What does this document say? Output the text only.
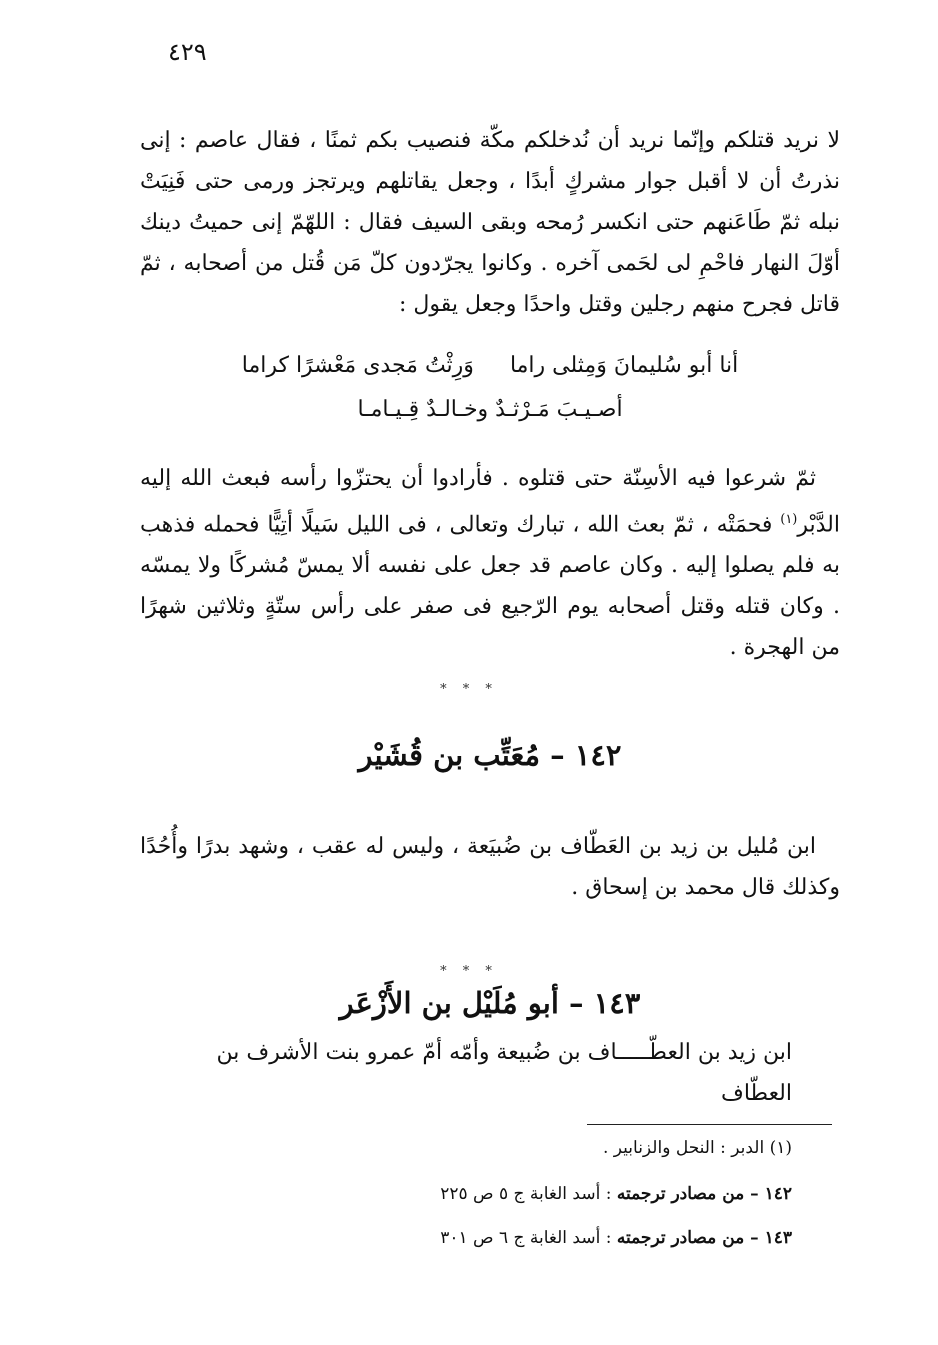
٤٢٩

لا نريد قتلكم وإنّما نريد أن نُدخلكم مكّة فنصيب بكم ثمنًا ، فقال عاصم : إنى نذرتُ أن لا أقبل جوار مشركٍ أبدًا ، وجعل يقاتلهم ويرتجز ورمى حتى فَنِيَتْ نبله ثمّ طَاعَنهم حتى انكسر رُمحه وبقى السيف فقال : اللهّمّ إنى حميتُ دينك أوّلَ النهار فاحْمِ لى لحَمى آخره . وكانوا يجرّدون كلّ مَن قُتل من أصحابه ، ثمّ قاتل فجرح منهم رجلين وقتل واحدًا وجعل يقول :

أنا أبو سُليمانَ وَمِثلى راما
وَرِثْتُ مَجدى مَعْشرًا كراما
أصـيـبَ مَـرْثـدٌ وخـالـدٌ قِـيـامـا

ثمّ شرعوا فيه الأسِنّة حتى قتلوه . فأرادوا أن يحتزّوا رأسه فبعث الله إليه الدَّبْر$^{(١)}$ فحمَتْه ، ثمّ بعث الله ، تبارك وتعالى ، فى الليل سَيلًا أتِيًّا فحمله فذهب به فلم يصلوا إليه . وكان عاصم قد جعل على نفسه ألا يمسّ مُشركًا ولا يمسّه . وكان قتله وقتل أصحابه يوم الرّجيع فى صفر على رأس ستّةٍ وثلاثين شهرًا من الهجرة .

* * *
١٤٢ – مُعَتِّب بن قُشَيْر

ابن مُليل بن زيد بن العَطّاف بن ضُبيَعة ، وليس له عقب ، وشهد بدرًا وأُحُدًا وكذلك قال محمد بن إسحاق .

* * *
١٤٣ – أبو مُلَيْل بن الأَزْعَر

ابن زيد بن العطّـــــاف بن ضُبيعة وأمّه أمّ عمرو بنت الأشرف بن العطّاف

(١) الدبر : النحل والزنابير .
١٤٢ – من مصادر ترجمته : أسد الغابة ج ٥ ص ٢٢٥
١٤٣ – من مصادر ترجمته : أسد الغابة ج ٦ ص ٣٠١
